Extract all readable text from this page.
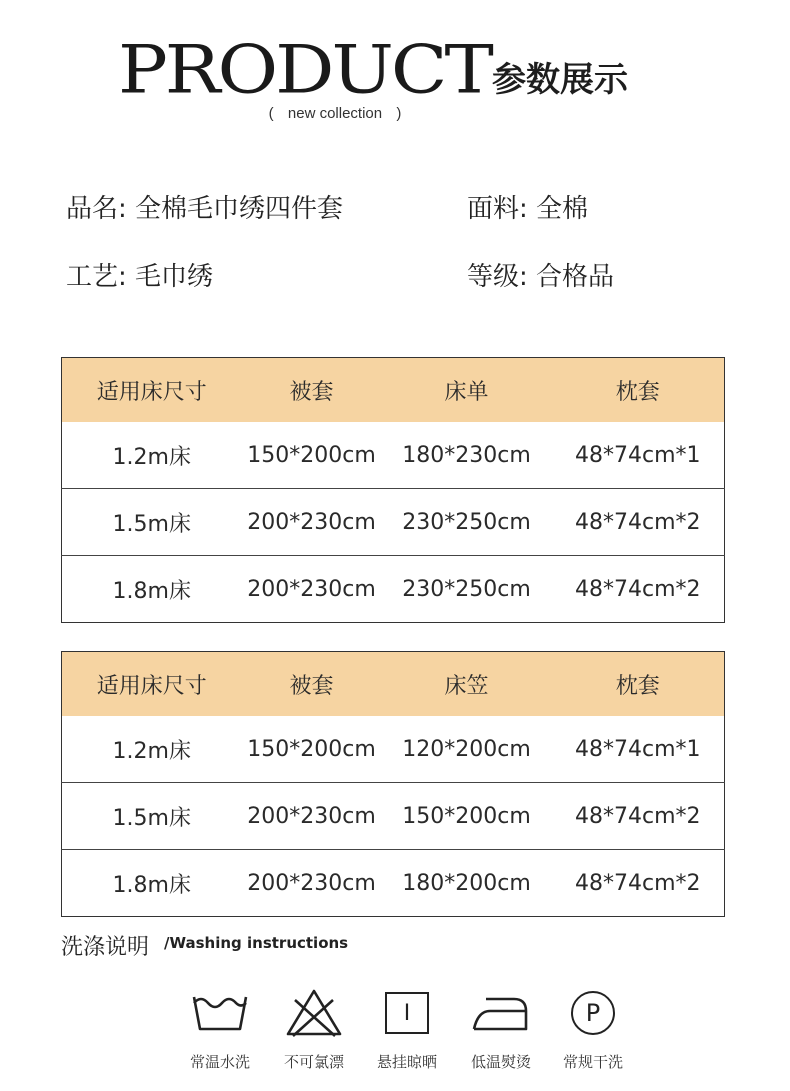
PRODUCT 参数展示
( new collection )
品名: 全棉毛巾绣四件套	面料: 全棉
工艺: 毛巾绣	等级: 合格品
适用床尺寸	被套	床单	枕套
1.2m床	150*200cm	180*230cm	48*74cm*1
1.5m床	200*230cm	230*250cm	48*74cm*2
1.8m床	200*230cm	230*250cm	48*74cm*2
适用床尺寸	被套	床笠	枕套
1.2m床	150*200cm	120*200cm	48*74cm*1
1.5m床	200*230cm	150*200cm	48*74cm*2
1.8m床	200*230cm	180*200cm	48*74cm*2
洗涤说明 /Washing instructions
常温水洗	不可氯漂
I
悬挂晾晒	低温熨烫
P
常规干洗
